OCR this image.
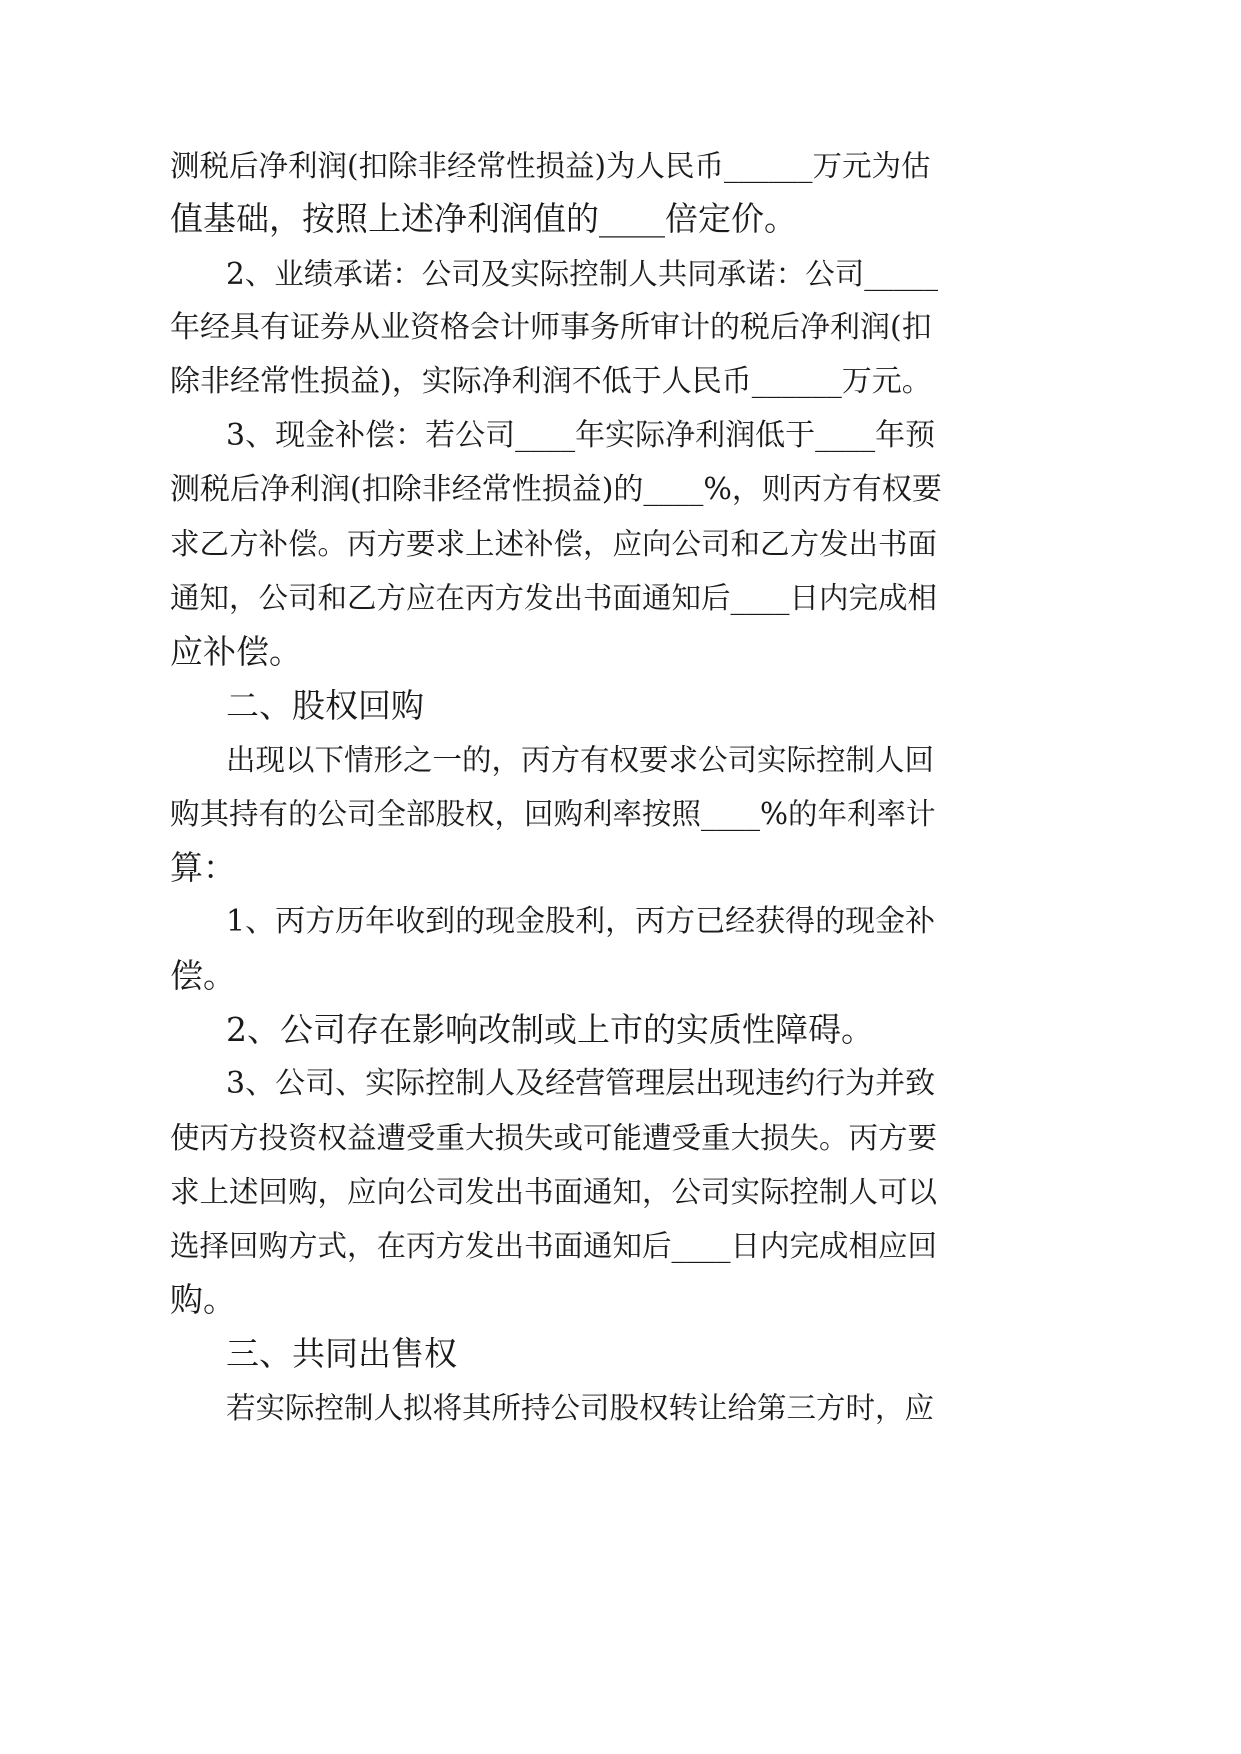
测税后净利润(扣除非经常性损益)为人民币______万元为估
值基础，按照上述净利润值的____倍定价。
2、业绩承诺：公司及实际控制人共同承诺：公司_____
年经具有证券从业资格会计师事务所审计的税后净利润(扣
除非经常性损益)，实际净利润不低于人民币______万元。
3、现金补偿：若公司____年实际净利润低于____年预
测税后净利润(扣除非经常性损益)的____%，则丙方有权要
求乙方补偿。丙方要求上述补偿，应向公司和乙方发出书面
通知，公司和乙方应在丙方发出书面通知后____日内完成相
应补偿。
二、股权回购
出现以下情形之一的，丙方有权要求公司实际控制人回
购其持有的公司全部股权，回购利率按照____%的年利率计
算：
1、丙方历年收到的现金股利，丙方已经获得的现金补
偿。
2、公司存在影响改制或上市的实质性障碍。
3、公司、实际控制人及经营管理层出现违约行为并致
使丙方投资权益遭受重大损失或可能遭受重大损失。丙方要
求上述回购，应向公司发出书面通知，公司实际控制人可以
选择回购方式，在丙方发出书面通知后____日内完成相应回
购。
三、共同出售权
若实际控制人拟将其所持公司股权转让给第三方时，应
